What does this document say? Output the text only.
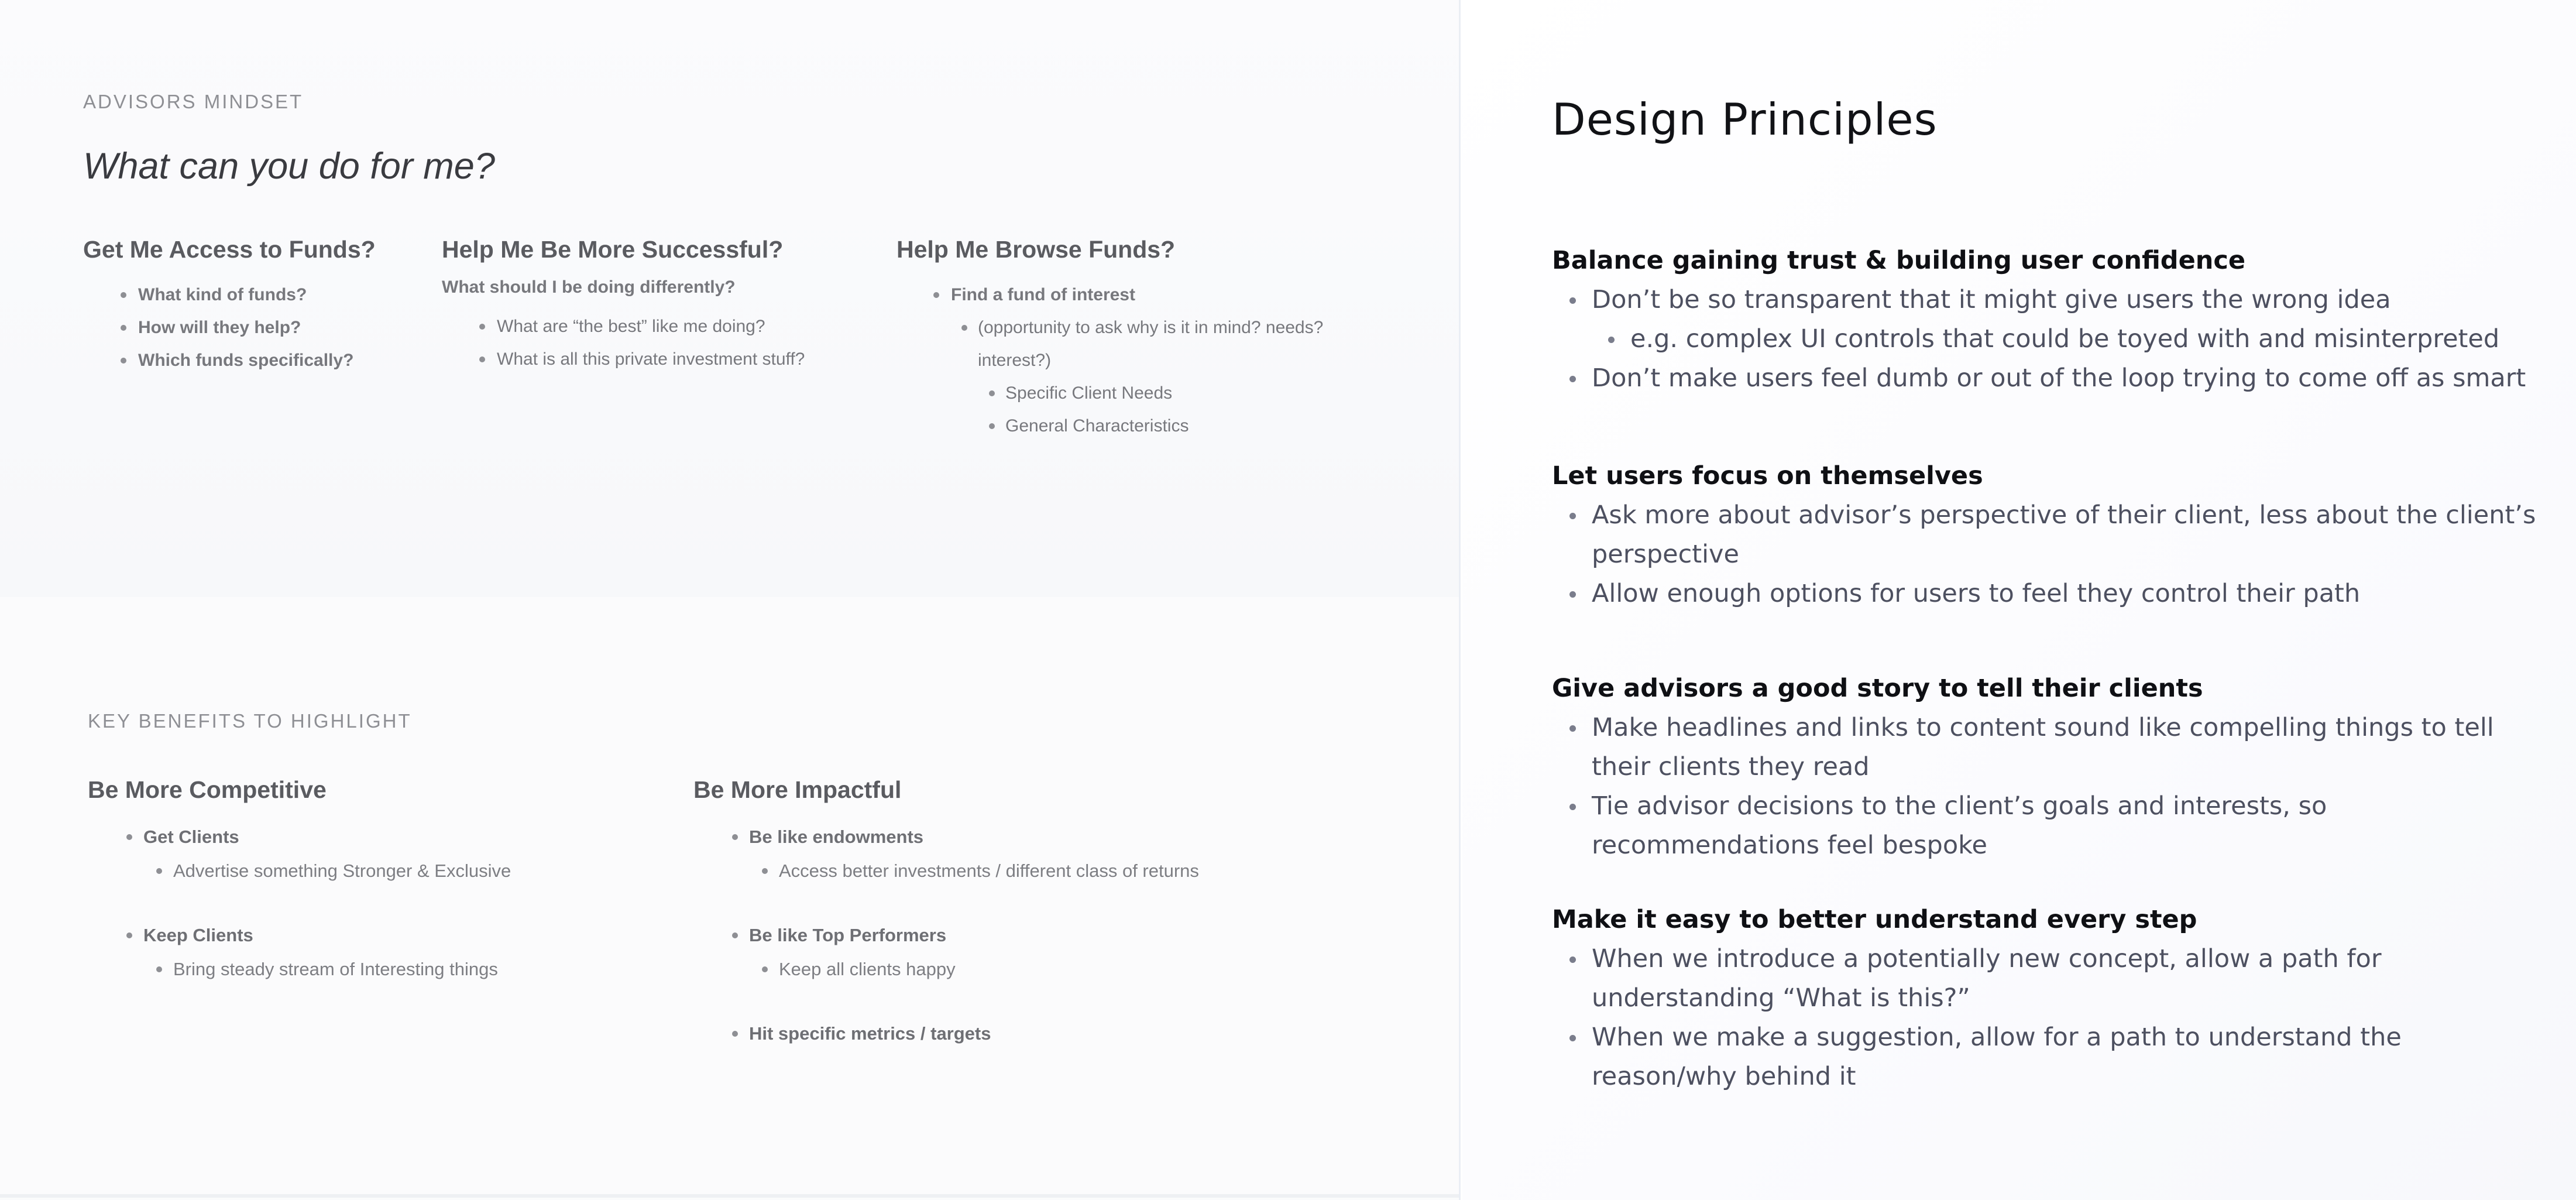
ADVISORS MINDSET
What can you do for me?
Get Me Access to Funds?
What kind of funds?
How will they help?
Which funds specifically?
Help Me Be More Successful?
What should I be doing differently?
What are “the best” like me doing?
What is all this private investment stuff?
Help Me Browse Funds?
Find a fund of interest
(opportunity to ask why is it in mind? needs? interest?)
Specific Client Needs
General Characteristics
KEY BENEFITS TO HIGHLIGHT
Be More Competitive
Get Clients
Advertise something Stronger & Exclusive
Keep Clients
Bring steady stream of Interesting things
Be More Impactful
Be like endowments
Access better investments / different class of returns
Be like Top Performers
Keep all clients happy
Hit specific metrics / targets
Design Principles
Balance gaining trust & building user confidence
Don’t be so transparent that it might give users the wrong idea
e.g. complex UI controls that could be toyed with and misinterpreted
Don’t make users feel dumb or out of the loop trying to come off as smart
Let users focus on themselves
Ask more about advisor’s perspective of their client, less about the client’s perspective
Allow enough options for users to feel they control their path
Give advisors a good story to tell their clients
Make headlines and links to content sound like compelling things to tell their clients they read
Tie advisor decisions to the client’s goals and interests, so recommendations feel bespoke
Make it easy to better understand every step
When we introduce a potentially new concept, allow a path for understanding “What is this?”
When we make a suggestion, allow for a path to understand the reason/why behind it
